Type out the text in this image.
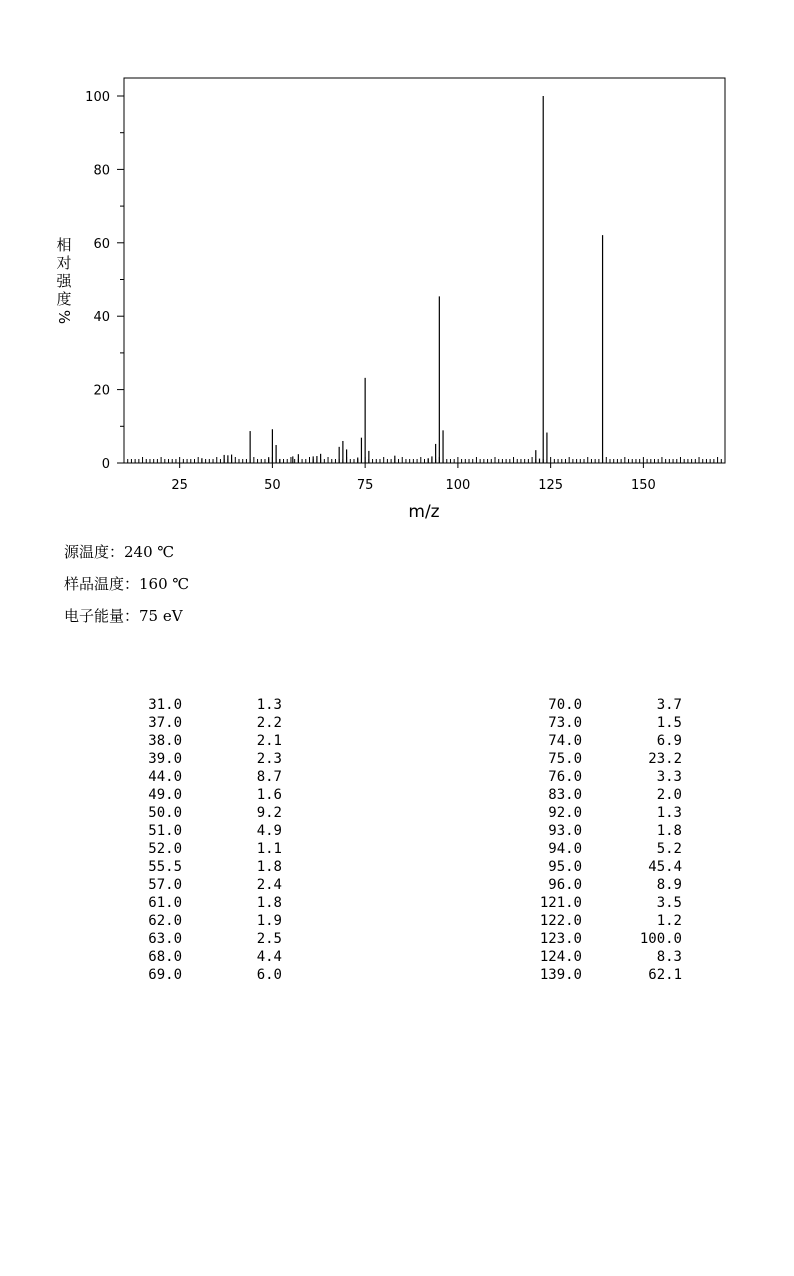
0
20
40
60
80
100
25	50	75	100	125	150
m/z
相
对
强
度
%
源温度：240 ℃
样品温度：160 ℃
电子能量：75 eV
31.0	1.3	70.0	3.7
37.0	2.2	73.0	1.5
38.0	2.1	74.0	6.9
39.0	2.3	75.0	23.2
44.0	8.7	76.0	3.3
49.0	1.6	83.0	2.0
50.0	9.2	92.0	1.3
51.0	4.9	93.0	1.8
52.0	1.1	94.0	5.2
55.5	1.8	95.0	45.4
57.0	2.4	96.0	8.9
61.0	1.8	121.0	3.5
62.0	1.9	122.0	1.2
63.0	2.5	123.0	100.0
68.0	4.4	124.0	8.3
69.0	6.0	139.0	62.1
